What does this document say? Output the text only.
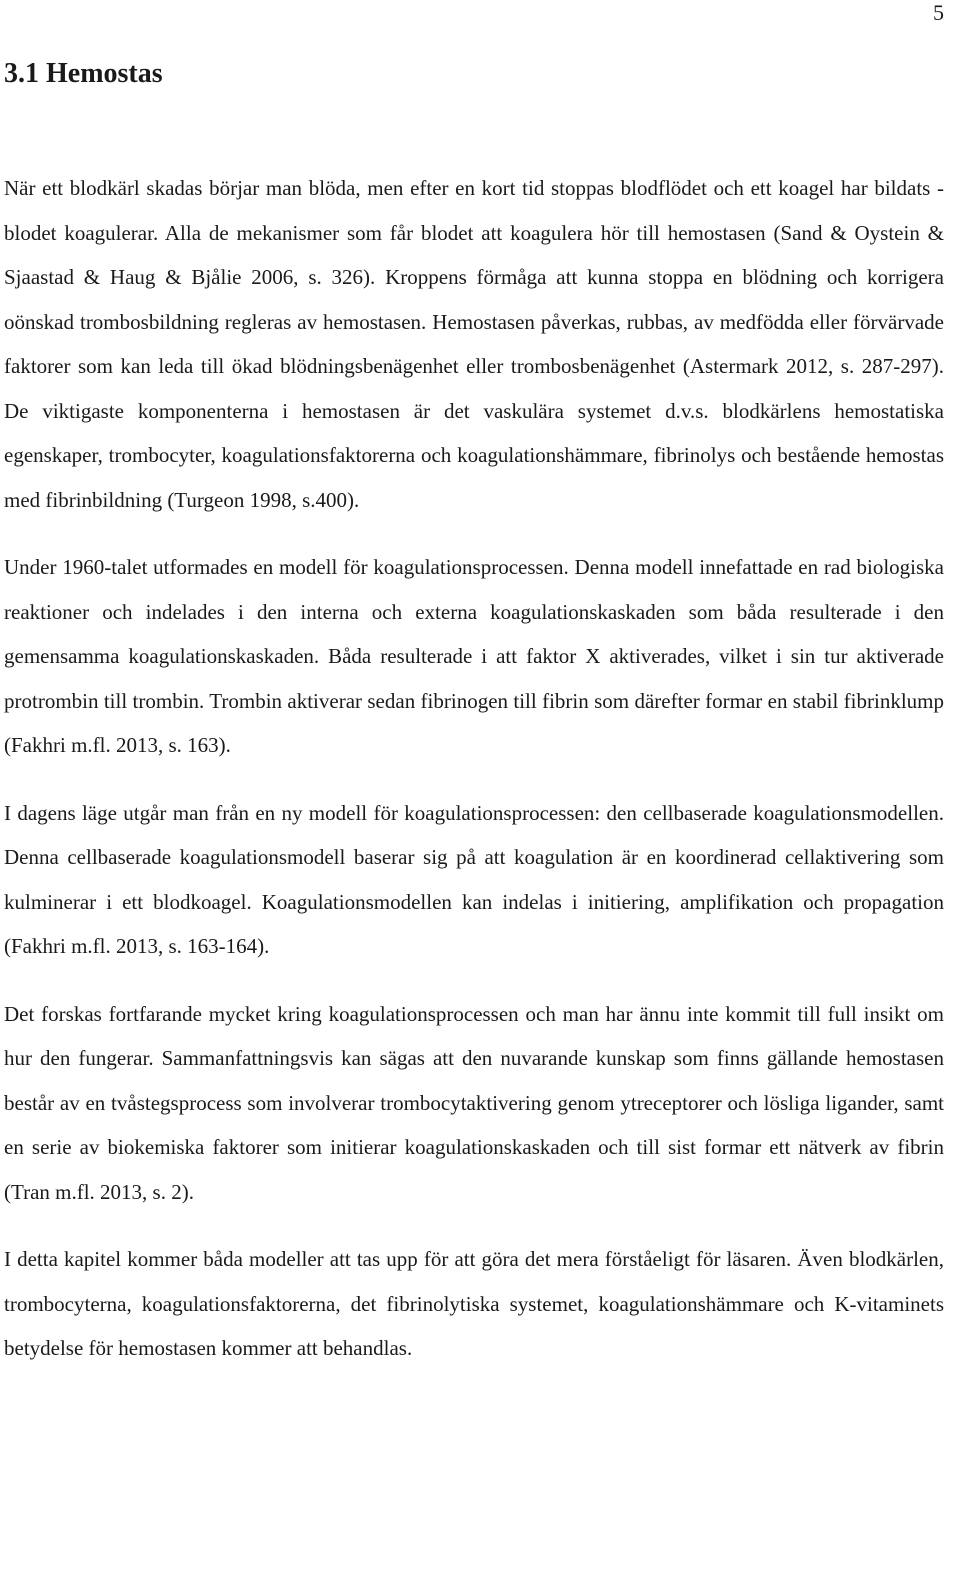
5
3.1 Hemostas

När ett blodkärl skadas börjar man blöda, men efter en kort tid stoppas blodflödet och ett koagel har bildats -blodet koagulerar. Alla de mekanismer som får blodet att koagulera hör till hemostasen (Sand & Oystein & Sjaastad & Haug & Bjålie 2006, s. 326). Kroppens förmåga att kunna stoppa en blödning och korrigera oönskad trombosbildning regleras av hemostasen. Hemostasen påverkas, rubbas, av medfödda eller förvärvade faktorer som kan leda till ökad blödningsbenägenhet eller trombosbenägenhet (Astermark 2012, s. 287-297). De viktigaste komponenterna i hemostasen är det vaskulära systemet d.v.s. blodkärlens hemostatiska egenskaper, trombocyter, koagulationsfaktorerna och koagulationshämmare, fibrinolys och bestående hemostas med fibrinbildning (Turgeon 1998, s.400).

Under 1960-talet utformades en modell för koagulationsprocessen. Denna modell innefattade en rad biologiska reaktioner och indelades i den interna och externa koagulationskaskaden som båda resulterade i den gemensamma koagulationskaskaden. Båda resulterade i att faktor X aktiverades, vilket i sin tur aktiverade protrombin till trombin. Trombin aktiverar sedan fibrinogen till fibrin som därefter formar en stabil fibrinklump (Fakhri m.fl. 2013, s. 163).

I dagens läge utgår man från en ny modell för koagulationsprocessen: den cellbaserade koagulationsmodellen. Denna cellbaserade koagulationsmodell baserar sig på att koagulation är en koordinerad cellaktivering som kulminerar i ett blodkoagel. Koagulationsmodellen kan indelas i initiering, amplifikation och propagation (Fakhri m.fl. 2013, s. 163-164).

Det forskas fortfarande mycket kring koagulationsprocessen och man har ännu inte kommit till full insikt om hur den fungerar. Sammanfattningsvis kan sägas att den nuvarande kunskap som finns gällande hemostasen består av en tvåstegsprocess som involverar trombocytaktivering genom ytreceptorer och lösliga ligander, samt en serie av biokemiska faktorer som initierar koagulationskaskaden och till sist formar ett nätverk av fibrin (Tran m.fl. 2013, s. 2).

I detta kapitel kommer båda modeller att tas upp för att göra det mera förståeligt för läsaren. Även blodkärlen, trombocyterna, koagulationsfaktorerna, det fibrinolytiska systemet, koagulationshämmare och K-vitaminets betydelse för hemostasen kommer att behandlas.
